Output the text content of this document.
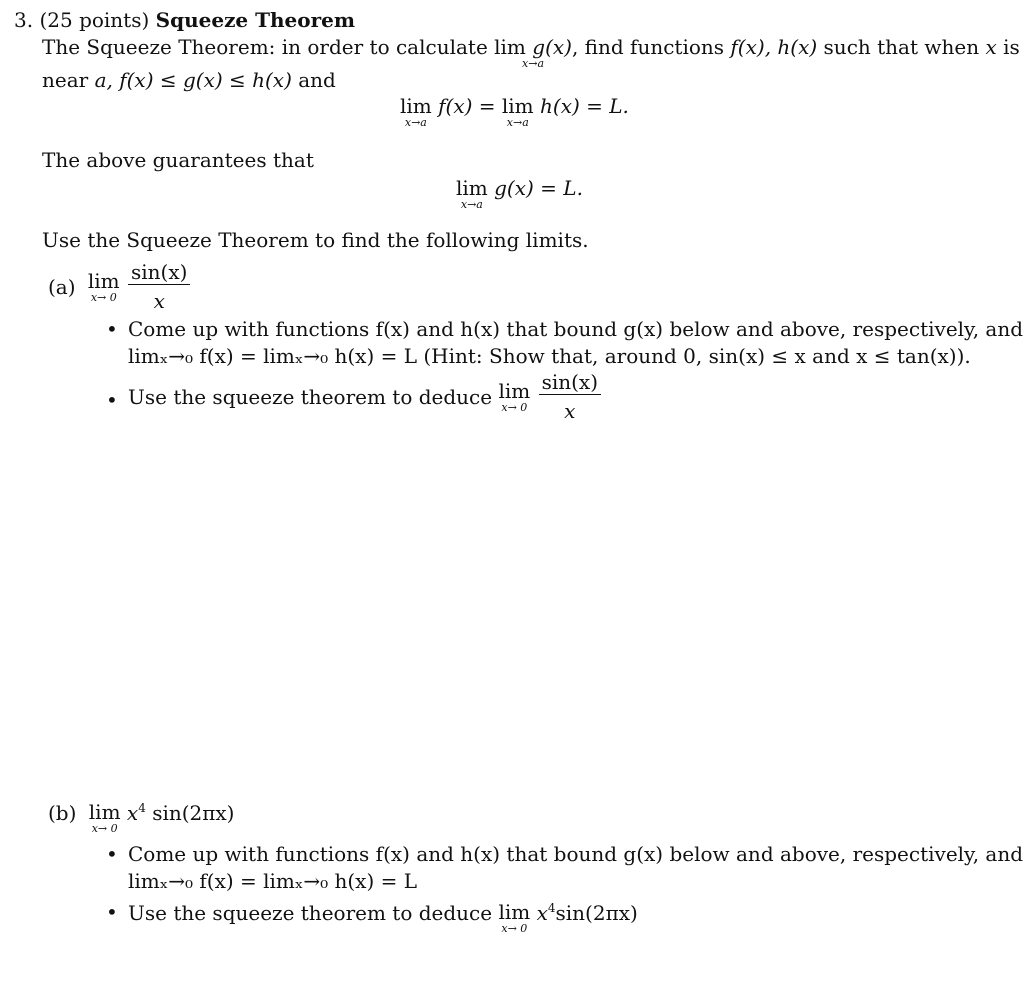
3. (25 points) Squeeze Theorem
The Squeeze Theorem: in order to calculate lim g(x)
x→a
, find functions f(x), h(x) such that when x is
near a, f(x) ≤ g(x) ≤ h(x) and
lim
x→a
f(x) = lim
x→a
h(x) = L.
The above guarantees that
lim
x→a
g(x) = L.
Use the Squeeze Theorem to find the following limits.
(a) lim
x→ 0
$\frac{\sin(x)}{x}$
• Come up with functions f(x) and h(x) that bound g(x) below and above, respectively, and
limₓ→₀ f(x) = limₓ→₀ h(x) = L (Hint: Show that, around 0, sin(x) ≤ x and x ≤ tan(x)).
• Use the squeeze theorem to deduce lim
x→ 0
$\frac{\sin(x)}{x}$
(b) lim
x→ 0
$x^4$ sin(2πx)
• Come up with functions f(x) and h(x) that bound g(x) below and above, respectively, and
limₓ→₀ f(x) = limₓ→₀ h(x) = L
• Use the squeeze theorem to deduce lim
x→ 0
$x^4\sin(2\pi x)$
